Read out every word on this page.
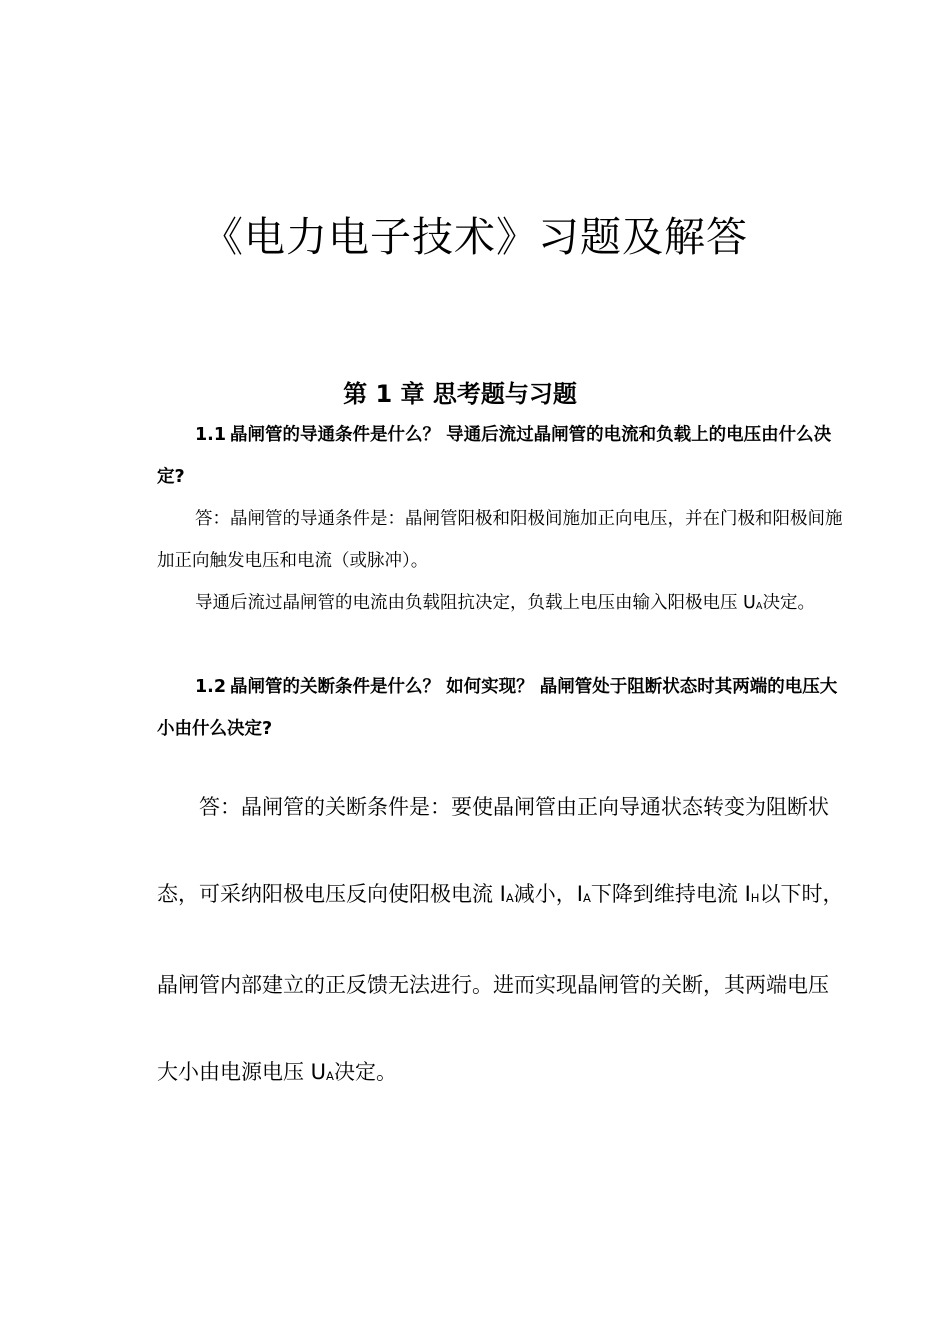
《电力电子技术》习题及解答
第 1 章 思考题与习题
1.1 晶闸管的导通条件是什么？ 导通后流过晶闸管的电流和负载上的电压由什么决定?
答：晶闸管的导通条件是：晶闸管阳极和阳极间施加正向电压，并在门极和阳极间施加正向触发电压和电流（或脉冲）。
导通后流过晶闸管的电流由负载阻抗决定，负载上电压由输入阳极电压 UA决定。
1.2 晶闸管的关断条件是什么？ 如何实现？ 晶闸管处于阻断状态时其两端的电压大小由什么决定?
答：晶闸管的关断条件是：要使晶闸管由正向导通状态转变为阻断状态，可采纳阳极电压反向使阳极电流 IA减小，IA下降到维持电流 IH以下时，晶闸管内部建立的正反馈无法进行。进而实现晶闸管的关断，其两端电压大小由电源电压 UA决定。
